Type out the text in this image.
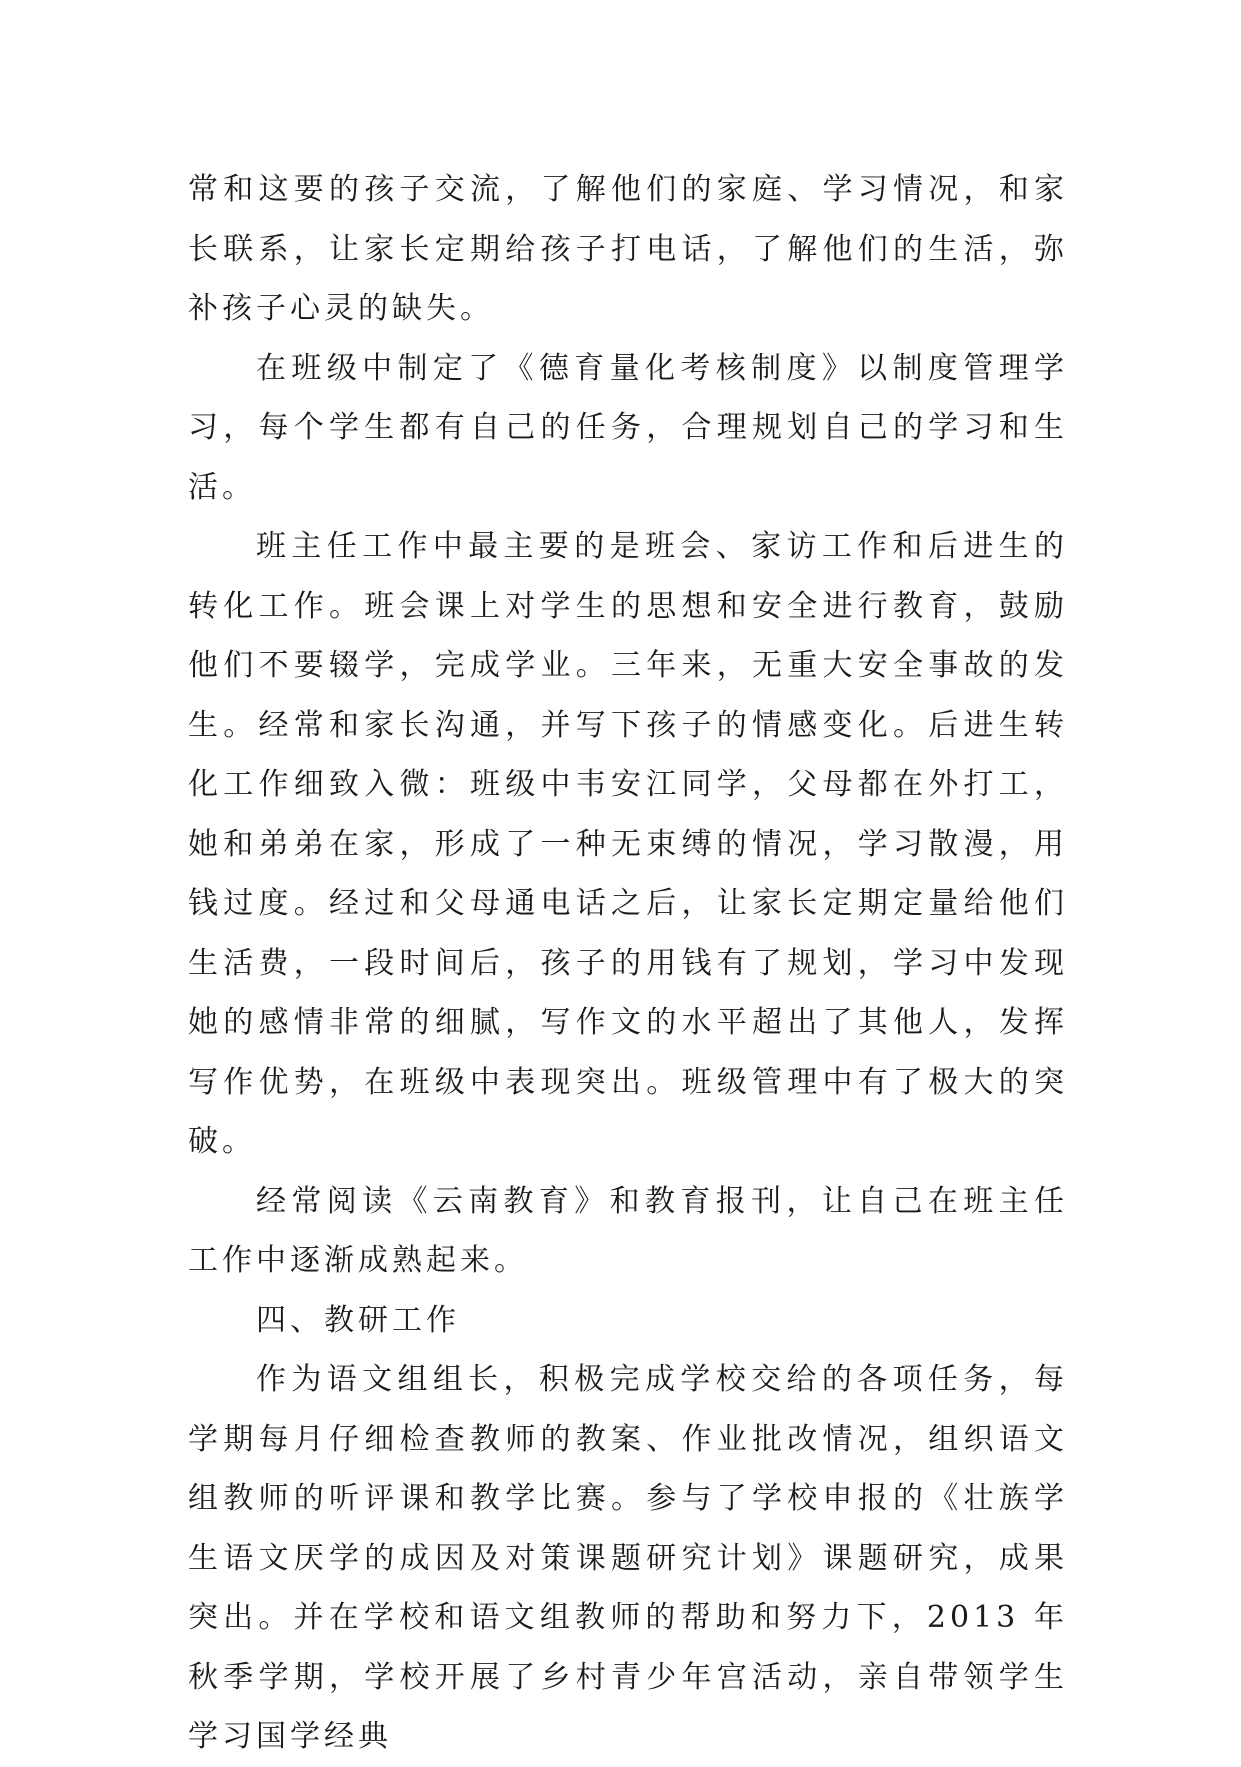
常和这要的孩子交流，了解他们的家庭、学习情况，和家长联系，让家长定期给孩子打电话，了解他们的生活，弥补孩子心灵的缺失。

在班级中制定了《德育量化考核制度》以制度管理学习，每个学生都有自己的任务，合理规划自己的学习和生活。

班主任工作中最主要的是班会、家访工作和后进生的转化工作。班会课上对学生的思想和安全进行教育，鼓励他们不要辍学，完成学业。三年来，无重大安全事故的发生。经常和家长沟通，并写下孩子的情感变化。后进生转化工作细致入微：班级中韦安江同学，父母都在外打工，她和弟弟在家，形成了一种无束缚的情况，学习散漫，用钱过度。经过和父母通电话之后，让家长定期定量给他们生活费，一段时间后，孩子的用钱有了规划，学习中发现她的感情非常的细腻，写作文的水平超出了其他人，发挥写作优势，在班级中表现突出。班级管理中有了极大的突破。

经常阅读《云南教育》和教育报刊，让自己在班主任工作中逐渐成熟起来。

四、教研工作

作为语文组组长，积极完成学校交给的各项任务，每学期每月仔细检查教师的教案、作业批改情况，组织语文组教师的听评课和教学比赛。参与了学校申报的《壮族学生语文厌学的成因及对策课题研究计划》课题研究，成果突出。并在学校和语文组教师的帮助和努力下，2013 年秋季学期，学校开展了乡村青少年宫活动，亲自带领学生学习国学经典
